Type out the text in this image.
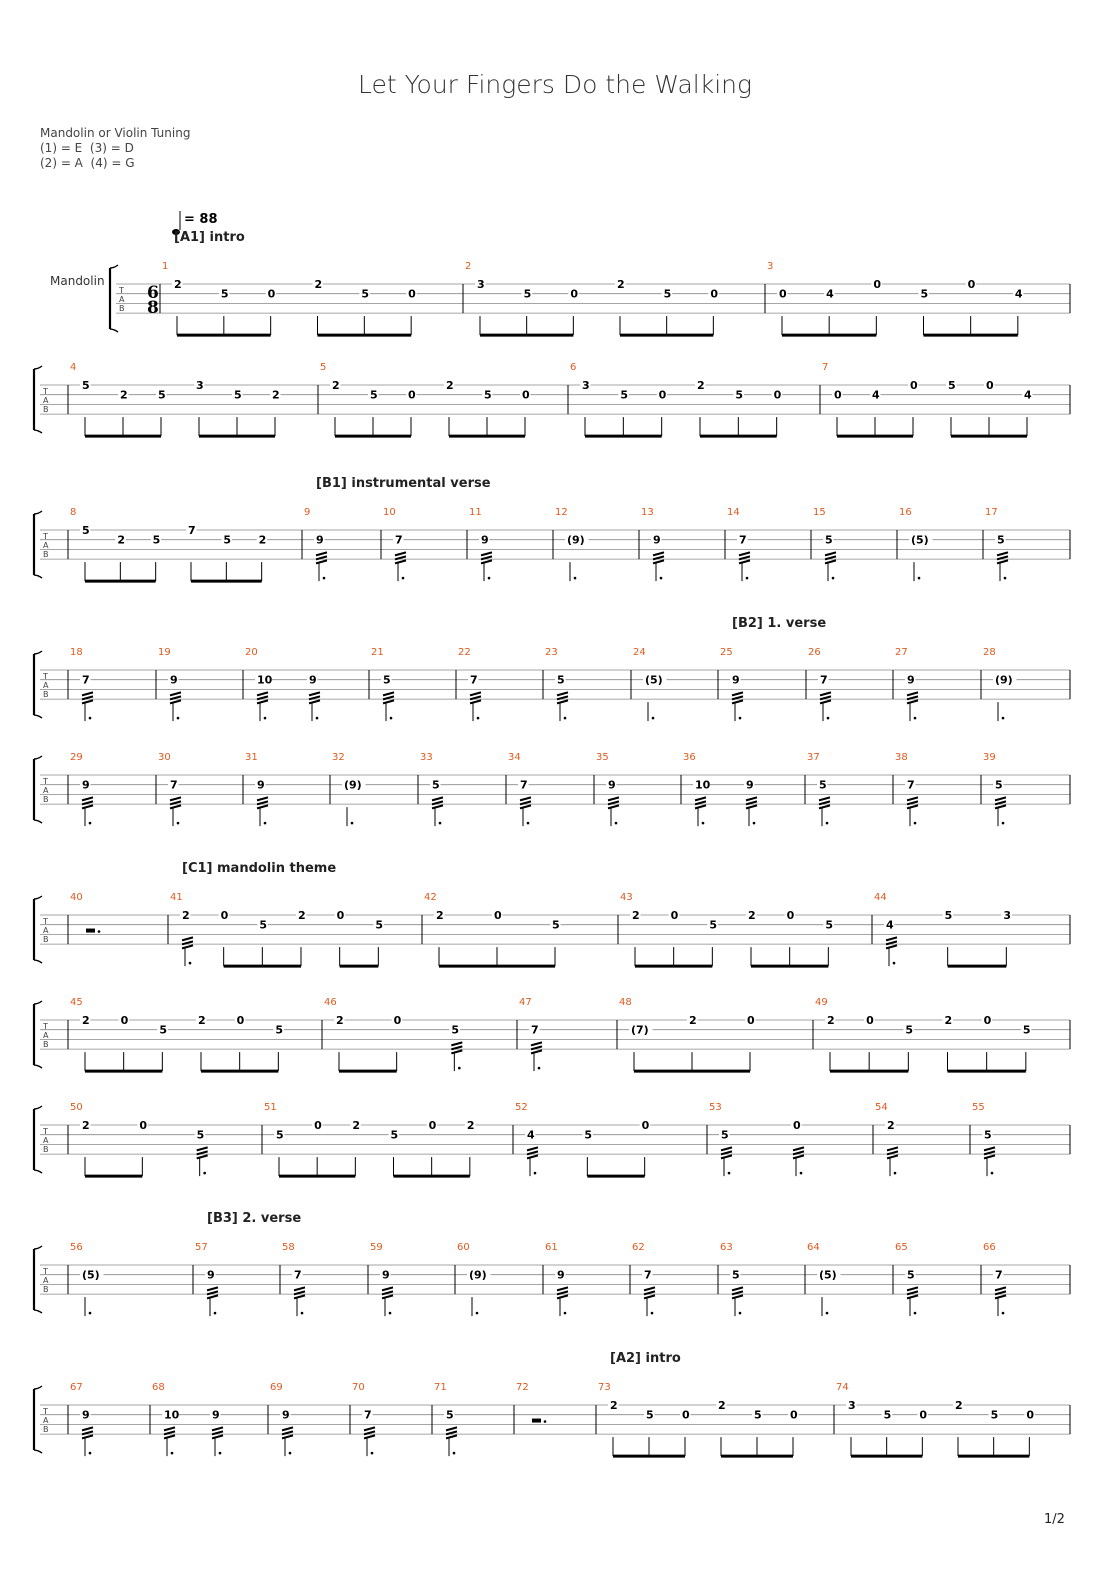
Let Your Fingers Do the Walking
Mandolin or Violin Tuning
(1) = E  (3) = D
(2) = A  (4) = G
T
A
B
6
8
Mandolin
= 88
1
[A1] intro
2
5	0
2
5	0
2
3
5	0
2
5	0
3
0	4
0
5
0
4
T
A
B
4
5
2	5
3
5	2
5
2
5	0
2
5	0
6
3
5	0
2
5	0
7
0	4
0	5	0
4
T
A
B
8
5
2	5
7
5	2
9
[B1] instrumental verse
9
10
7
11
9
12
(9)
13
9
14
7
15
5
16
(5)
17
5
T
A
B
18
7
19
9
20
10	9
21
5
22
7
23
5
24
(5)
25
[B2] 1. verse
9
26
7
27
9
28
(9)
T
A
B
29
9
30
7
31
9
32
(9)
33
5
34
7
35
9
36
10	9
37
5
38
7
39
5
T
A
B
40	41
[C1] mandolin theme
2	0
5
2	0
5
42
2	0
5
43
2	0
5
2	0
5
44
4
5	3
T
A
B
45
2	0
5
2	0
5
46
2	0
5
47
7
48
(7)
2	0
49
2	0
5
2	0
5
T
A
B
50
2	0
5
51
5
0	2
5
0	2
52
4	5
0
53
5
0
54
2
55
5
T
A
B
56
(5)
57
[B3] 2. verse
9
58
7
59
9
60
(9)
61
9
62
7
63
5
64
(5)
65
5
66
7
T
A
B
67
9
68
10	9
69
9
70
7
71
5
72	73
[A2] intro
2
5	0
2
5	0
74
3
5	0
2
5	0
1/2
